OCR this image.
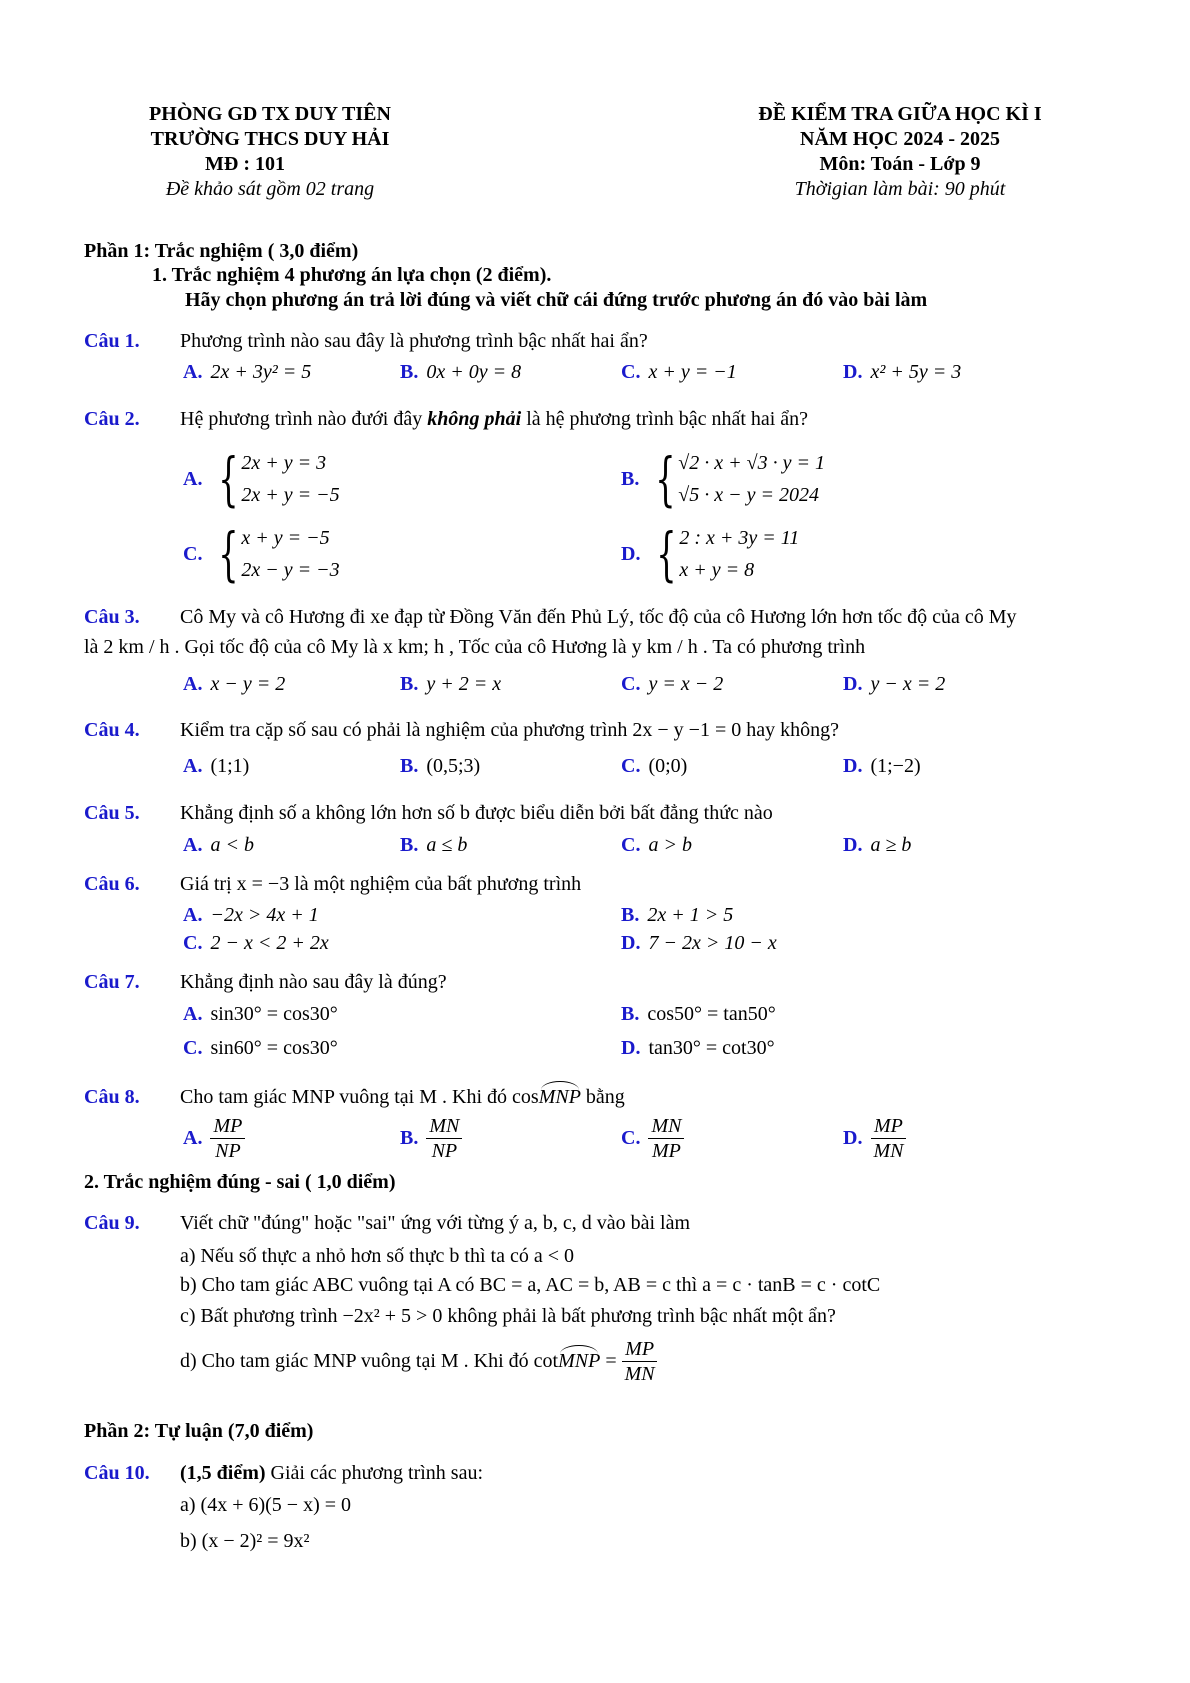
PHÒNG GD TX DUY TIÊN
TRƯỜNG THCS DUY HẢI
MĐ : 101
Đề khảo sát gồm 02 trang
ĐỀ KIỂM TRA GIỮA HỌC KÌ I
NĂM HỌC 2024 - 2025
Môn: Toán - Lớp 9
Thờigian làm bài: 90 phút
Phần 1: Trắc nghiệm ( 3,0 điểm)
1. Trắc nghiệm 4 phương án lựa chọn (2 điểm).
Hãy chọn phương án trả lời đúng và viết chữ cái đứng trước phương án đó vào bài làm
Câu 1. Phương trình nào sau đây là phương trình bậc nhất hai ẩn?
A. 2x + 3y² = 5	B. 0x + 0y = 8	C. x + y = −1	D. x² + 5y = 3
Câu 2. Hệ phương trình nào đưới đây không phải là hệ phương trình bậc nhất hai ẩn?
A. { 2x + y = 3
2x + y = −5
B. { √2 · x + √3 · y = 1
√5 · x − y = 2024
C. { x + y = −5
2x − y = −3
D. { 2 : x + 3y = 11
x + y = 8
Câu 3. Cô My và cô Hương đi xe đạp từ Đồng Văn đến Phủ Lý, tốc độ của cô Hương lớn hơn tốc độ của cô My
là 2 km / h . Gọi tốc độ của cô My là x km; h , Tốc của cô Hương là y km / h . Ta có phương trình
A. x − y = 2	B. y + 2 = x	C. y = x − 2	D. y − x = 2
Câu 4. Kiểm tra cặp số sau có phải là nghiệm của phương trình 2x − y −1 = 0 hay không?
A. (1;1)	B. (0,5;3)	C. (0;0)	D. (1;−2)
Câu 5. Khẳng định số a không lớn hơn số b được biểu diễn bởi bất đẳng thức nào
A. a < b	B. a ≤ b	C. a > b	D. a ≥ b
Câu 6. Giá trị x = −3 là một nghiệm của bất phương trình
A. −2x > 4x + 1	B. 2x + 1 > 5
C. 2 − x < 2 + 2x	D. 7 − 2x > 10 − x
Câu 7. Khẳng định nào sau đây là đúng?
A. sin30° = cos30°	B. cos50° = tan50°
C. sin60° = cos30°	D. tan30° = cot30°
Câu 8. Cho tam giác MNP vuông tại M . Khi đó cosMNP bằng
A. $\frac{MP}{NP}$	B. $\frac{MN}{NP}$	C. $\frac{MN}{MP}$	D. $\frac{MP}{MN}$
2. Trắc nghiệm đúng - sai ( 1,0 diểm)
Câu 9. Viết chữ "đúng" hoặc "sai" ứng với từng ý a, b, c, d vào bài làm
a) Nếu số thực a nhỏ hơn số thực b thì ta có a < 0
b) Cho tam giác ABC vuông tại A có BC = a, AC = b, AB = c thì a = c · tanB = c · cotC
c) Bất phương trình −2x² + 5 > 0 không phải là bất phương trình bậc nhất một ẩn?
d) Cho tam giác MNP vuông tại M . Khi đó cotMNP = $\frac{MP}{MN}$
Phần 2: Tự luận (7,0 điểm)
Câu 10. (1,5 điểm) Giải các phương trình sau:
a) (4x + 6)(5 − x) = 0
b) (x − 2)² = 9x²
